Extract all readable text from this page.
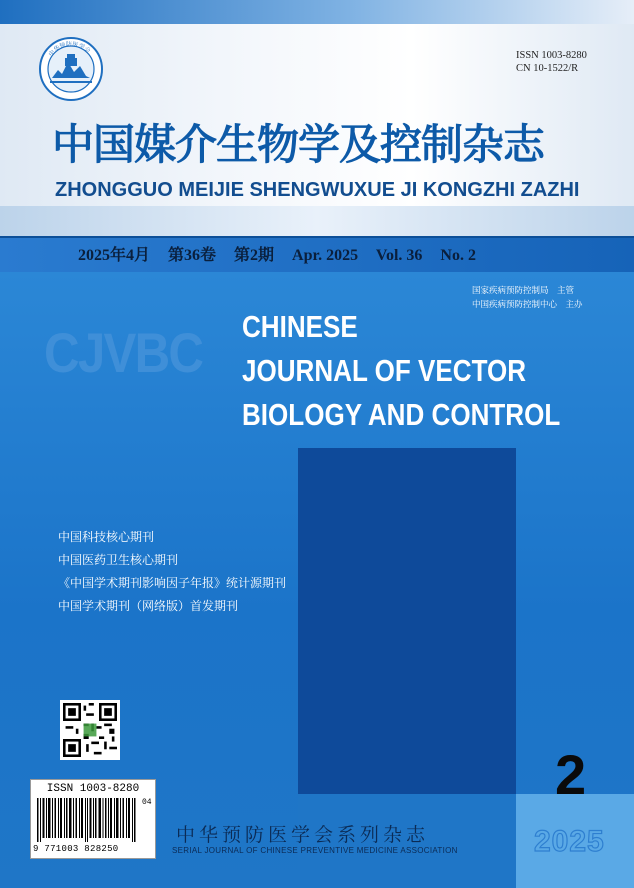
中华预防医学会	ISSN 1003-8280
CN 10-1522/R
中国媒介生物学及控制杂志
ZHONGGUO MEIJIE SHENGWUXUE JI KONGZHI ZAZHI
2025年4月 第36卷 第2期 Apr. 2025 Vol. 36 No. 2
国家疾病预防控制局　主管
中国疾病预防控制中心　主办
CJVBC CHINESE
JOURNAL OF VECTOR
BIOLOGY AND CONTROL
中国科技核心期刊
中国医药卫生核心期刊
《中国学术期刊影响因子年报》统计源期刊
中国学术期刊（网络版）首发期刊
ISSN 1003-8280
04
9 771003 828250
2
2025
中华预防医学会系列杂志
SERIAL JOURNAL OF CHINESE PREVENTIVE MEDICINE ASSOCIATION
